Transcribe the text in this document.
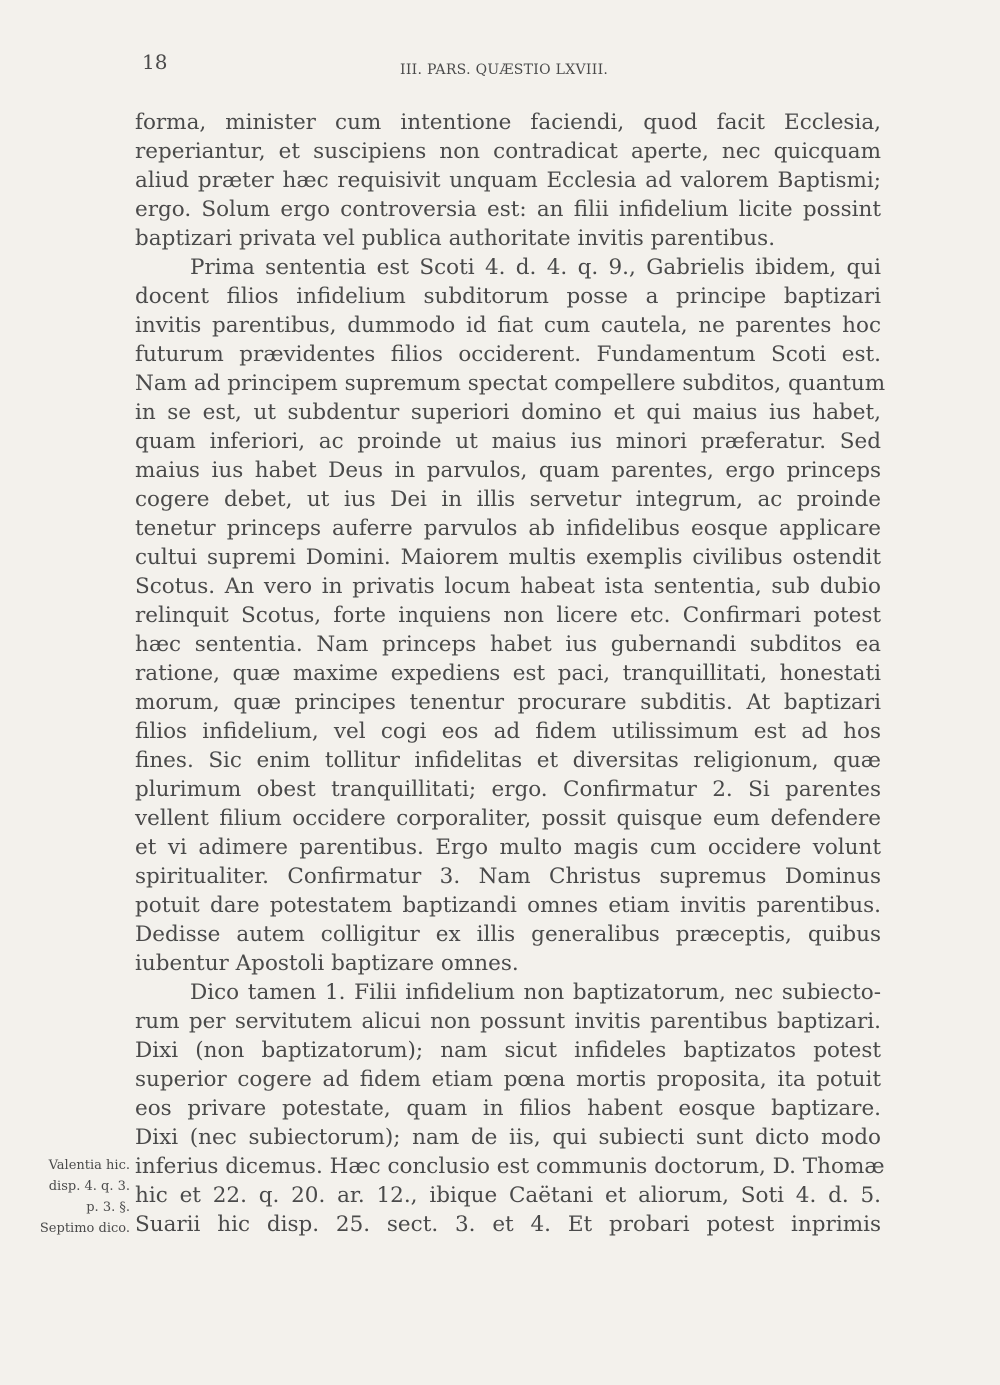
18	III. PARS. QUÆSTIO LXVIII.
forma, minister cum intentione faciendi, quod facit Ecclesia,
reperiantur, et suscipiens non contradicat aperte, nec quicquam
aliud præter hæc requisivit unquam Ecclesia ad valorem Baptismi;
ergo. Solum ergo controversia est: an filii infidelium licite possint
baptizari privata vel publica authoritate invitis parentibus.
Prima sententia est Scoti 4. d. 4. q. 9., Gabrielis ibidem, qui
docent filios infidelium subditorum posse a principe baptizari
invitis parentibus, dummodo id fiat cum cautela, ne parentes hoc
futurum prævidentes filios occiderent. Fundamentum Scoti est.
Nam ad principem supremum spectat compellere subditos, quantum
in se est, ut subdentur superiori domino et qui maius ius habet,
quam inferiori, ac proinde ut maius ius minori præferatur. Sed
maius ius habet Deus in parvulos, quam parentes, ergo princeps
cogere debet, ut ius Dei in illis servetur integrum, ac proinde
tenetur princeps auferre parvulos ab infidelibus eosque applicare
cultui supremi Domini. Maiorem multis exemplis civilibus ostendit
Scotus. An vero in privatis locum habeat ista sententia, sub dubio
relinquit Scotus, forte inquiens non licere etc. Confirmari potest
hæc sententia. Nam princeps habet ius gubernandi subditos ea
ratione, quæ maxime expediens est paci, tranquillitati, honestati
morum, quæ principes tenentur procurare subditis. At baptizari
filios infidelium, vel cogi eos ad fidem utilissimum est ad hos
fines. Sic enim tollitur infidelitas et diversitas religionum, quæ
plurimum obest tranquillitati; ergo. Confirmatur 2. Si parentes
vellent filium occidere corporaliter, possit quisque eum defendere
et vi adimere parentibus. Ergo multo magis cum occidere volunt
spiritualiter. Confirmatur 3. Nam Christus supremus Dominus
potuit dare potestatem baptizandi omnes etiam invitis parentibus.
Dedisse autem colligitur ex illis generalibus præceptis, quibus
iubentur Apostoli baptizare omnes.
Dico tamen 1. Filii infidelium non baptizatorum, nec subiecto-
rum per servitutem alicui non possunt invitis parentibus baptizari.
Dixi (non baptizatorum); nam sicut infideles baptizatos potest
superior cogere ad fidem etiam pœna mortis proposita, ita potuit
eos privare potestate, quam in filios habent eosque baptizare.
Dixi (nec subiectorum); nam de iis, qui subiecti sunt dicto modo
inferius dicemus. Hæc conclusio est communis doctorum, D. Thomæ
hic et 22. q. 20. ar. 12., ibique Caëtani et aliorum, Soti 4. d. 5.
Suarii hic disp. 25. sect. 3. et 4. Et probari potest inprimis
Valentia hic.
disp. 4. q. 3.
p. 3. §.
Septimo dico.
